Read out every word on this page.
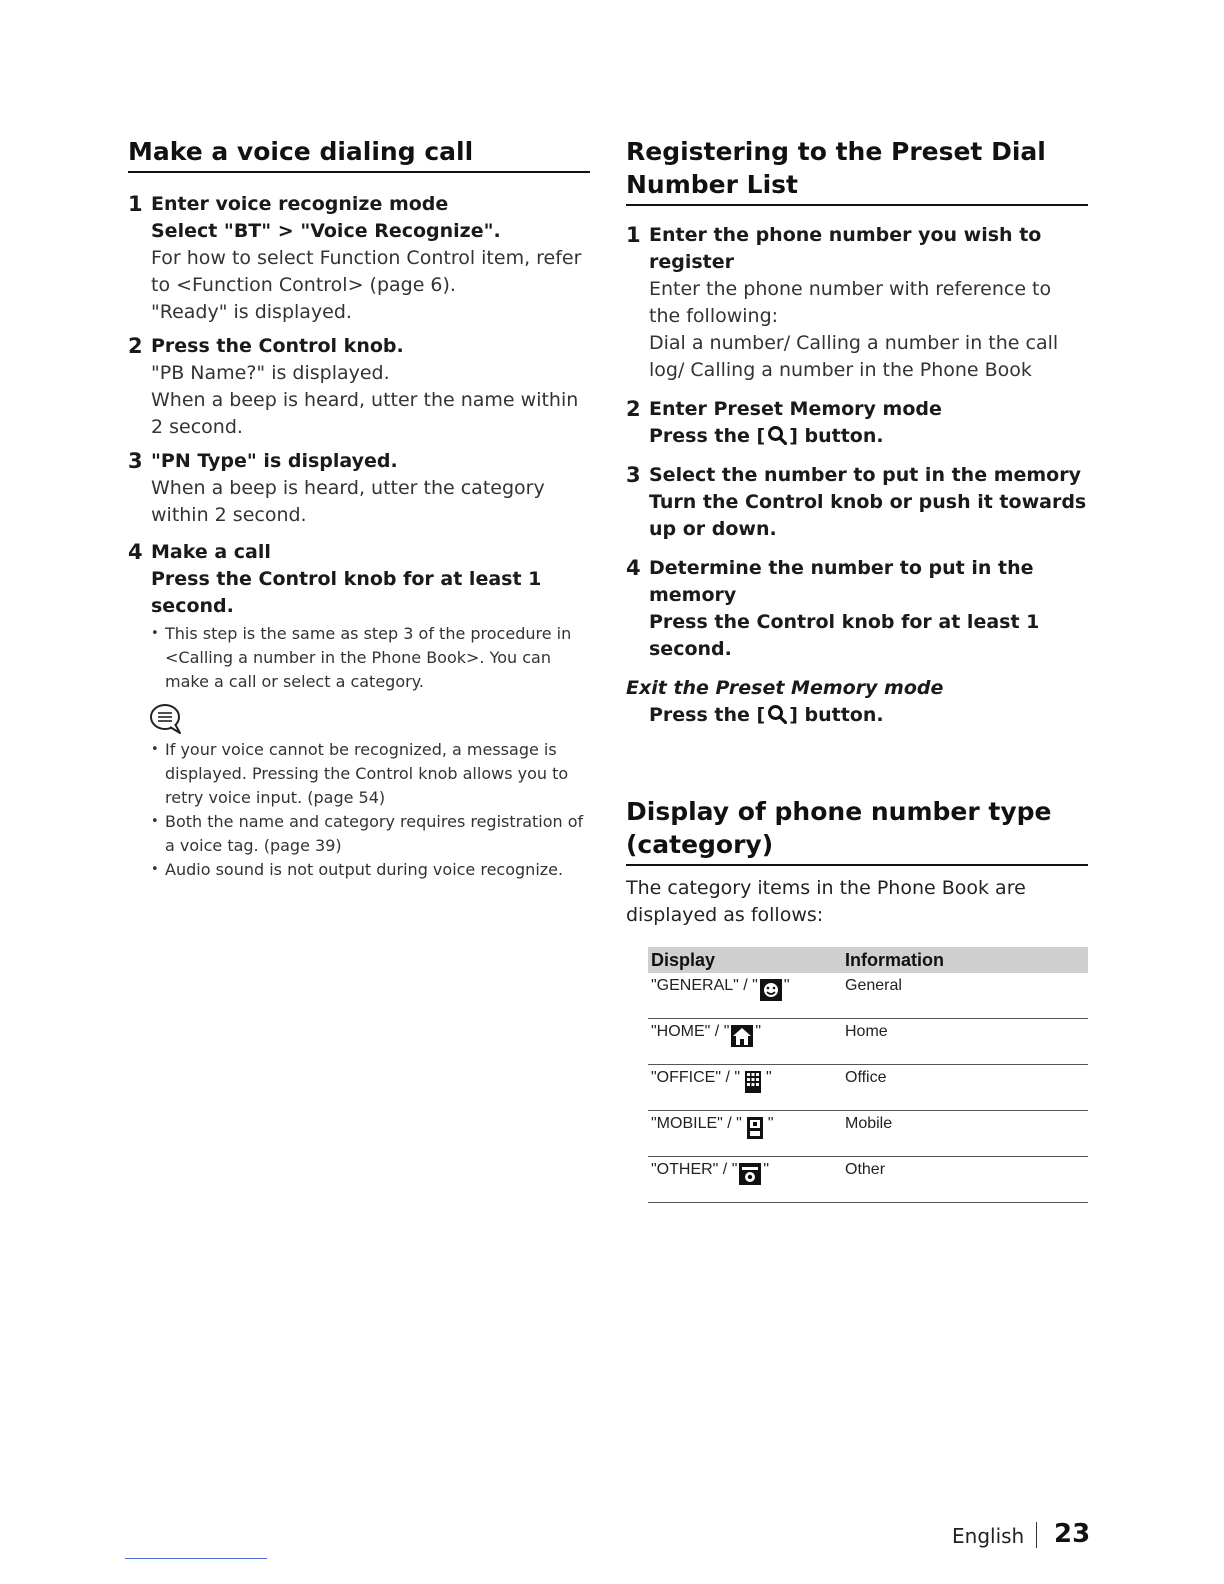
Make a voice dialing call
1 Enter voice recognize mode
Select "BT" > "Voice Recognize".
For how to select Function Control item, refer to <Function Control> (page 6).
"Ready" is displayed.
2 Press the Control knob.
"PB Name?" is displayed.
When a beep is heard, utter the name within 2 second.
3 "PN Type" is displayed.
When a beep is heard, utter the category within 2 second.
4 Make a call
Press the Control knob for at least 1 second.
• This step is the same as step 3 of the procedure in <Calling a number in the Phone Book>. You can make a call or select a category.
• If your voice cannot be recognized, a message is displayed. Pressing the Control knob allows you to retry voice input. (page 54)
• Both the name and category requires registration of a voice tag. (page 39)
• Audio sound is not output during voice recognize.
Registering to the Preset Dial Number List
1 Enter the phone number you wish to register
Enter the phone number with reference to the following:
Dial a number/ Calling a number in the call log/ Calling a number in the Phone Book
2 Enter Preset Memory mode
Press the [ ] button.
3 Select the number to put in the memory
Turn the Control knob or push it towards up or down.
4 Determine the number to put in the memory
Press the Control knob for at least 1 second.
Exit the Preset Memory mode
Press the [ ] button.
Display of phone number type (category)

The category items in the Phone Book are displayed as follows:

Display	Information
"GENERAL" / " "	General
"HOME" / " "	Home
"OFFICE" / " "	Office
"MOBILE" / " "	Mobile
"OTHER" / " "	Other
English 23
